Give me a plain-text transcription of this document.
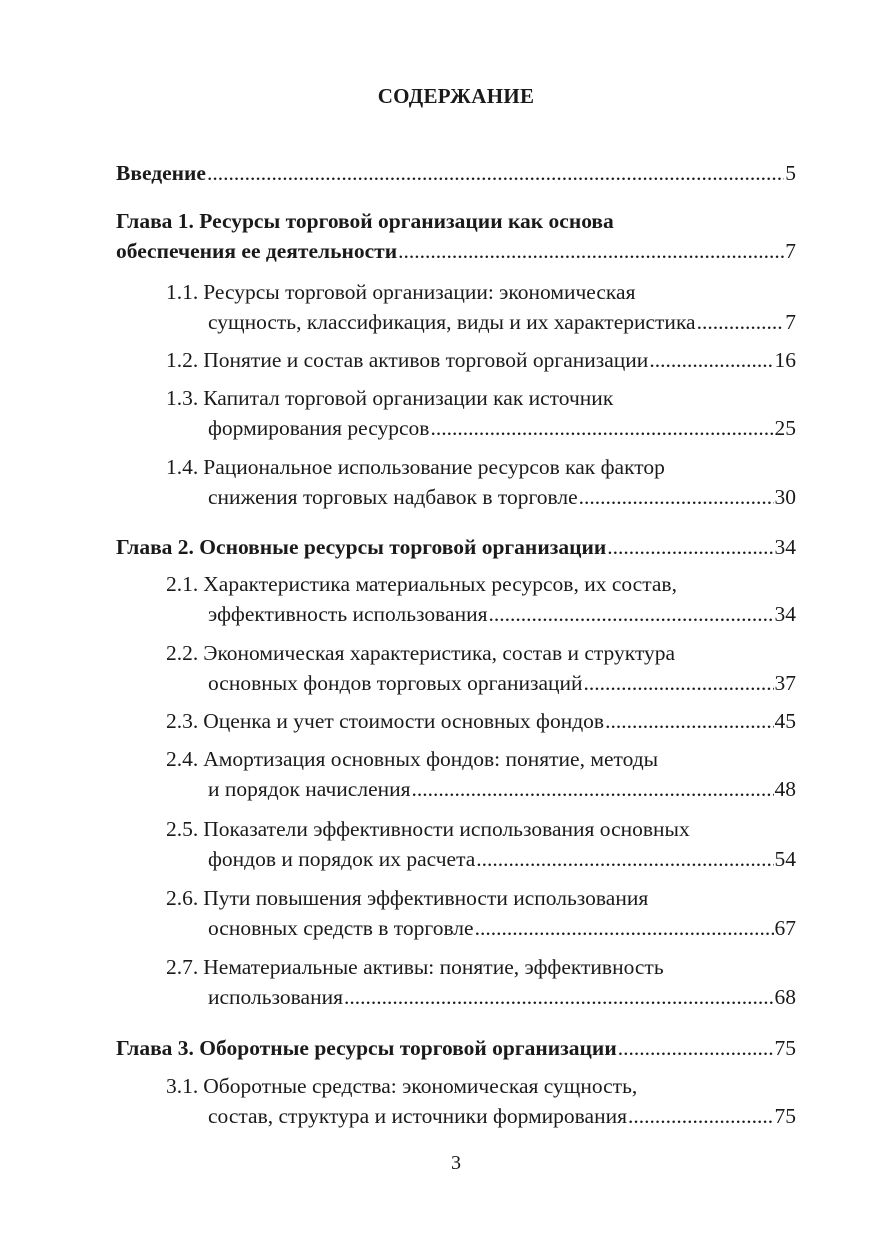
СОДЕРЖАНИЕ
Введение .....	5
Глава 1. Ресурсы торговой организации как основа
обеспечения ее деятельности .....	7
1.1. Ресурсы торговой организации: экономическая
сущность, классификация, виды и их характеристика .....	7
1.2. Понятие и состав активов торговой организации .....	16
1.3. Капитал торговой организации как источник
формирования ресурсов .....	25
1.4. Рациональное использование ресурсов как фактор
снижения торговых надбавок в торговле .....	30
Глава 2. Основные ресурсы торговой организации .....	34
2.1. Характеристика материальных ресурсов, их состав,
эффективность использования .....	34
2.2. Экономическая характеристика, состав и структура
основных фондов торговых организаций .....	37
2.3. Оценка и учет стоимости основных фондов .....	45
2.4. Амортизация основных фондов: понятие, методы
и порядок начисления .....	48
2.5. Показатели эффективности использования основных
фондов и порядок их расчета .....	54
2.6. Пути повышения эффективности использования
основных средств в торговле .....	67
2.7. Нематериальные активы: понятие, эффективность
использования .....	68
Глава 3. Оборотные ресурсы торговой организации .....	75
3.1. Оборотные средства: экономическая сущность,
состав, структура и источники формирования .....	75
3
